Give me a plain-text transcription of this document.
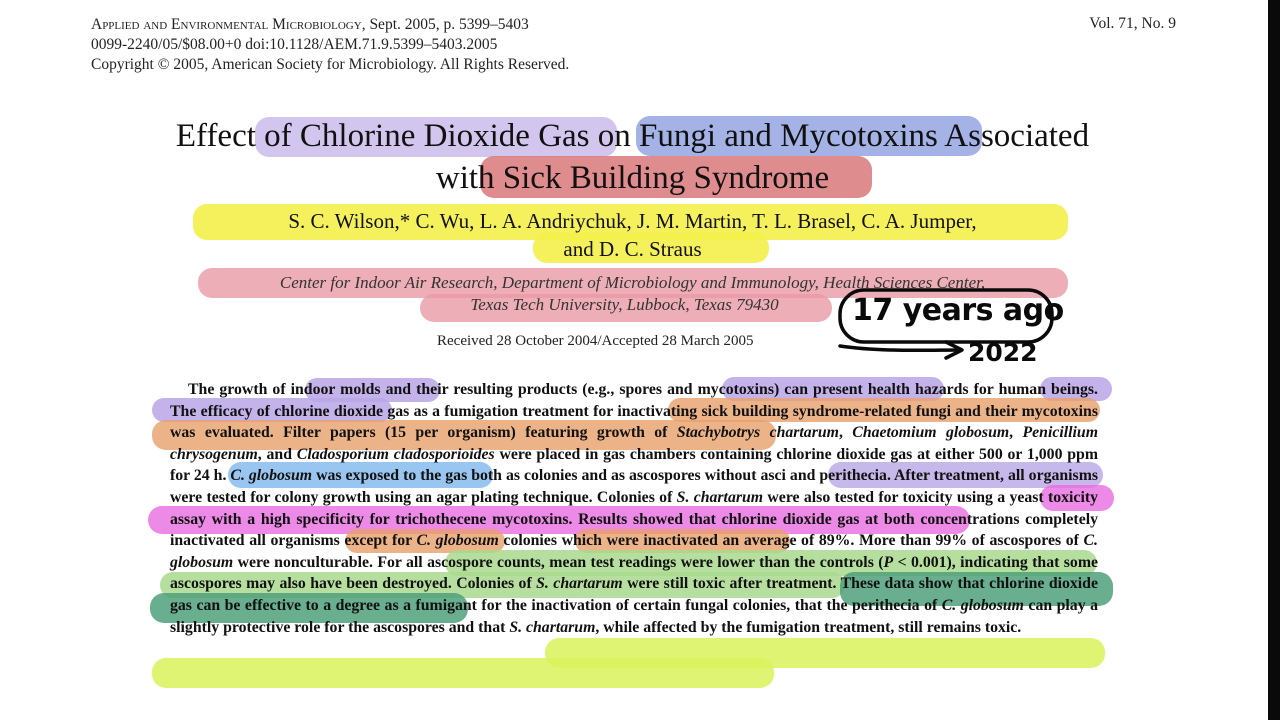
Applied and Environmental Microbiology, Sept. 2005, p. 5399–5403
0099-2240/05/$08.00+0 doi:10.1128/AEM.71.9.5399–5403.2005
Copyright © 2005, American Society for Microbiology. All Rights Reserved.
Vol. 71, No. 9
Effect of Chlorine Dioxide Gas on Fungi and Mycotoxins Associated
with Sick Building Syndrome
S. C. Wilson,* C. Wu, L. A. Andriychuk, J. M. Martin, T. L. Brasel, C. A. Jumper,
and D. C. Straus
Center for Indoor Air Research, Department of Microbiology and Immunology, Health Sciences Center,
Texas Tech University, Lubbock, Texas 79430
Received 28 October 2004/Accepted 28 March 2005
17 years ago
2022
The growth of indoor molds and their resulting products (e.g., spores and mycotoxins) can present health hazards for human beings. The efficacy of chlorine dioxide gas as a fumigation treatment for inactivating sick building syndrome-related fungi and their mycotoxins was evaluated. Filter papers (15 per organism) featuring growth of Stachybotrys chartarum, Chaetomium globosum, Penicillium chrysogenum, and Cladosporium cladosporioides were placed in gas chambers containing chlorine dioxide gas at either 500 or 1,000 ppm for 24 h. C. globosum was exposed to the gas both as colonies and as ascospores without asci and perithecia. After treatment, all organisms were tested for colony growth using an agar plating technique. Colonies of S. chartarum were also tested for toxicity using a yeast toxicity assay with a high specificity for trichothecene mycotoxins. Results showed that chlorine dioxide gas at both concentrations completely inactivated all organisms except for C. globosum colonies which were inactivated an average of 89%. More than 99% of ascospores of C. globosum were nonculturable. For all ascospore counts, mean test readings were lower than the controls (P < 0.001), indicating that some ascospores may also have been destroyed. Colonies of S. chartarum were still toxic after treatment. These data show that chlorine dioxide gas can be effective to a degree as a fumigant for the inactivation of certain fungal colonies, that the perithecia of C. globosum can play a slightly protective role for the ascospores and that S. chartarum, while affected by the fumigation treatment, still remains toxic.
